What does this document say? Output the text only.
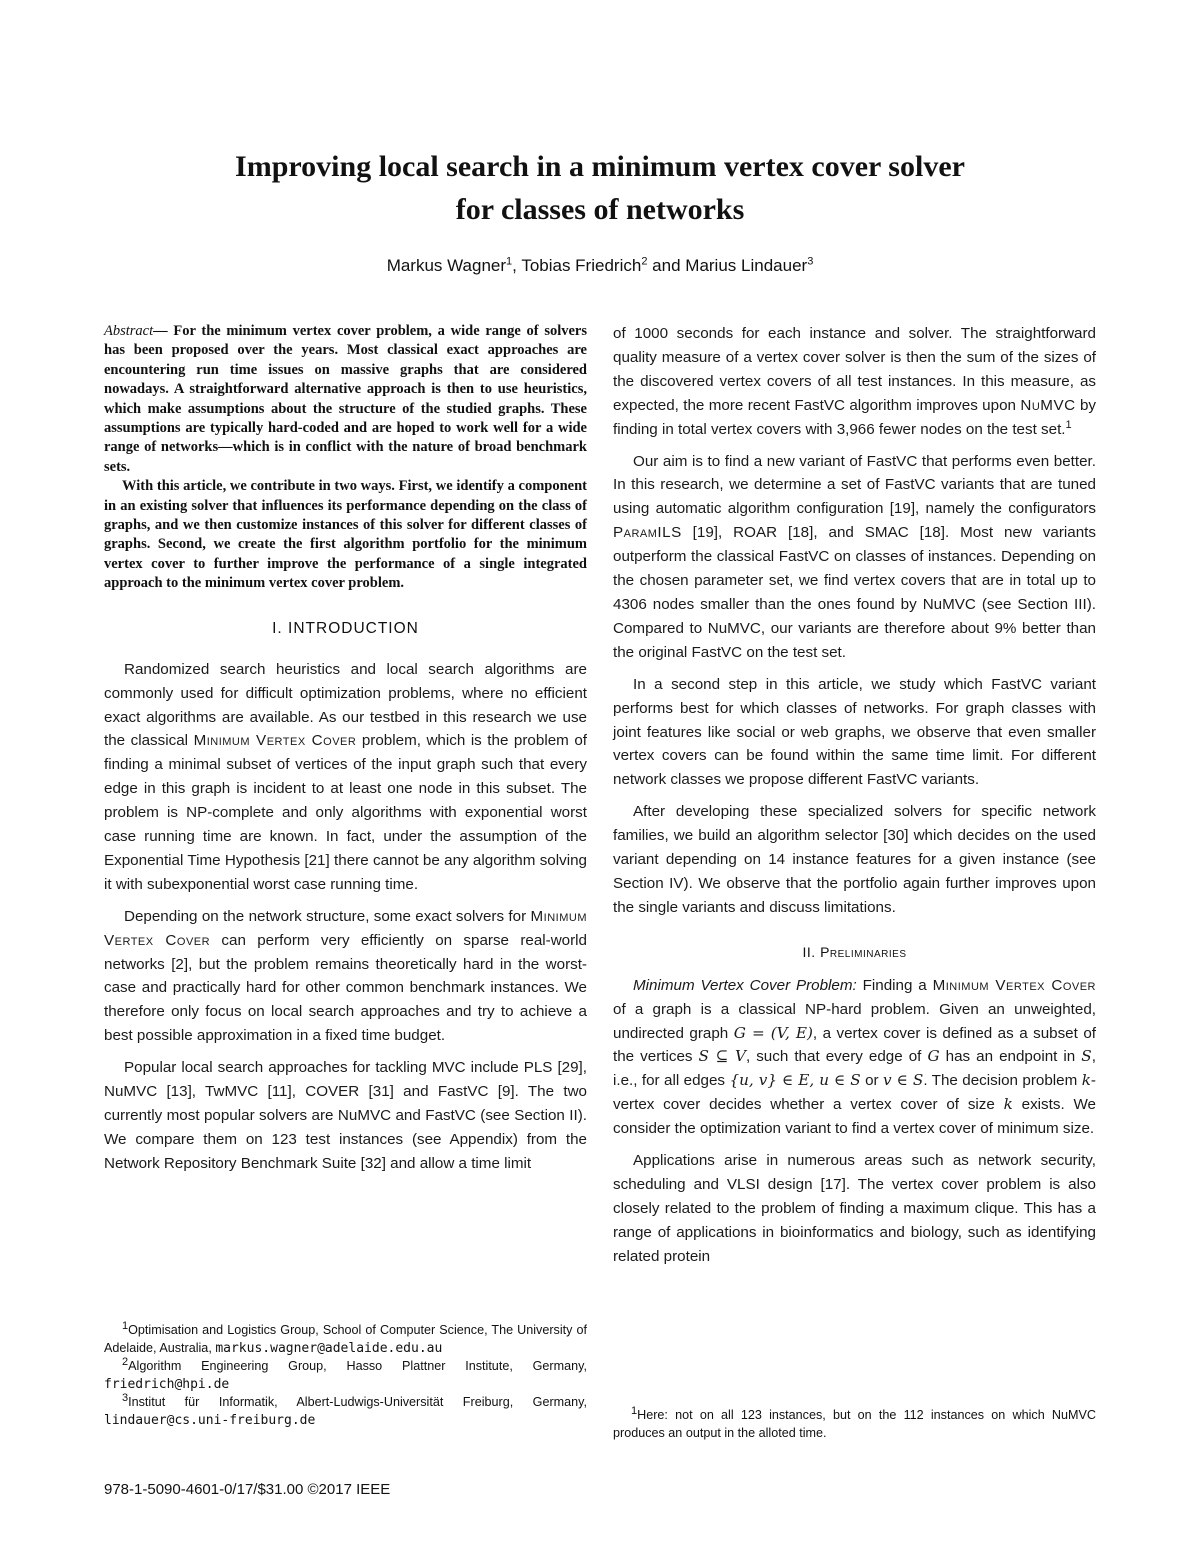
Improving local search in a minimum vertex cover solver
for classes of networks
Markus Wagner$^1$, Tobias Friedrich$^2$ and Marius Lindauer$^3$

Abstract— For the minimum vertex cover problem, a wide range of solvers has been proposed over the years. Most classical exact approaches are encountering run time issues on massive graphs that are considered nowadays. A straightforward alternative approach is then to use heuristics, which make assumptions about the structure of the studied graphs. These assumptions are typically hard-coded and are hoped to work well for a wide range of networks—which is in conflict with the nature of broad benchmark sets.

With this article, we contribute in two ways. First, we identify a component in an existing solver that influences its performance depending on the class of graphs, and we then customize instances of this solver for different classes of graphs. Second, we create the first algorithm portfolio for the minimum vertex cover to further improve the performance of a single integrated approach to the minimum vertex cover problem.

I. INTRODUCTION

Randomized search heuristics and local search algorithms are commonly used for difficult optimization problems, where no efficient exact algorithms are available. As our testbed in this research we use the classical Minimum Vertex Cover problem, which is the problem of finding a minimal subset of vertices of the input graph such that every edge in this graph is incident to at least one node in this subset. The problem is NP-complete and only algorithms with exponential worst case running time are known. In fact, under the assumption of the Exponential Time Hypothesis [21] there cannot be any algorithm solving it with subexponential worst case running time.

Depending on the network structure, some exact solvers for Minimum Vertex Cover can perform very efficiently on sparse real-world networks [2], but the problem remains theoretically hard in the worst-case and practically hard for other common benchmark instances. We therefore only focus on local search approaches and try to achieve a best possible approximation in a fixed time budget.

Popular local search approaches for tackling MVC include PLS [29], NuMVC [13], TwMVC [11], COVER [31] and FastVC [9]. The two currently most popular solvers are NuMVC and FastVC (see Section II). We compare them on 123 test instances (see Appendix) from the Network Repository Benchmark Suite [32] and allow a time limit

of 1000 seconds for each instance and solver. The straightforward quality measure of a vertex cover solver is then the sum of the sizes of the discovered vertex covers of all test instances. In this measure, as expected, the more recent FastVC algorithm improves upon NuMVC by finding in total vertex covers with 3,966 fewer nodes on the test set.$^1$

Our aim is to find a new variant of FastVC that performs even better. In this research, we determine a set of FastVC variants that are tuned using automatic algorithm configuration [19], namely the configurators ParamILS [19], ROAR [18], and SMAC [18]. Most new variants outperform the classical FastVC on classes of instances. Depending on the chosen parameter set, we find vertex covers that are in total up to 4306 nodes smaller than the ones found by NuMVC (see Section III). Compared to NuMVC, our variants are therefore about 9% better than the original FastVC on the test set.

In a second step in this article, we study which FastVC variant performs best for which classes of networks. For graph classes with joint features like social or web graphs, we observe that even smaller vertex covers can be found within the same time limit. For different network classes we propose different FastVC variants.

After developing these specialized solvers for specific network families, we build an algorithm selector [30] which decides on the used variant depending on 14 instance features for a given instance (see Section IV). We observe that the portfolio again further improves upon the single variants and discuss limitations.

II. Preliminaries

Minimum Vertex Cover Problem: Finding a Minimum Vertex Cover of a graph is a classical NP-hard problem. Given an unweighted, undirected graph G = (V, E), a vertex cover is defined as a subset of the vertices S ⊆ V, such that every edge of G has an endpoint in S, i.e., for all edges {u, v} ∈ E, u ∈ S or v ∈ S. The decision problem k-vertex cover decides whether a vertex cover of size k exists. We consider the optimization variant to find a vertex cover of minimum size.

Applications arise in numerous areas such as network security, scheduling and VLSI design [17]. The vertex cover problem is also closely related to the problem of finding a maximum clique. This has a range of applications in bioinformatics and biology, such as identifying related protein

$^1$Optimisation and Logistics Group, School of Computer Science, The University of Adelaide, Australia, markus.wagner@adelaide.edu.au

$^2$Algorithm Engineering Group, Hasso Plattner Institute, Germany, friedrich@hpi.de

$^3$Institut für Informatik, Albert-Ludwigs-Universität Freiburg, Germany, lindauer@cs.uni-freiburg.de

$^1$Here: not on all 123 instances, but on the 112 instances on which NuMVC produces an output in the alloted time.

978-1-5090-4601-0/17/$31.00 ©2017 IEEE
